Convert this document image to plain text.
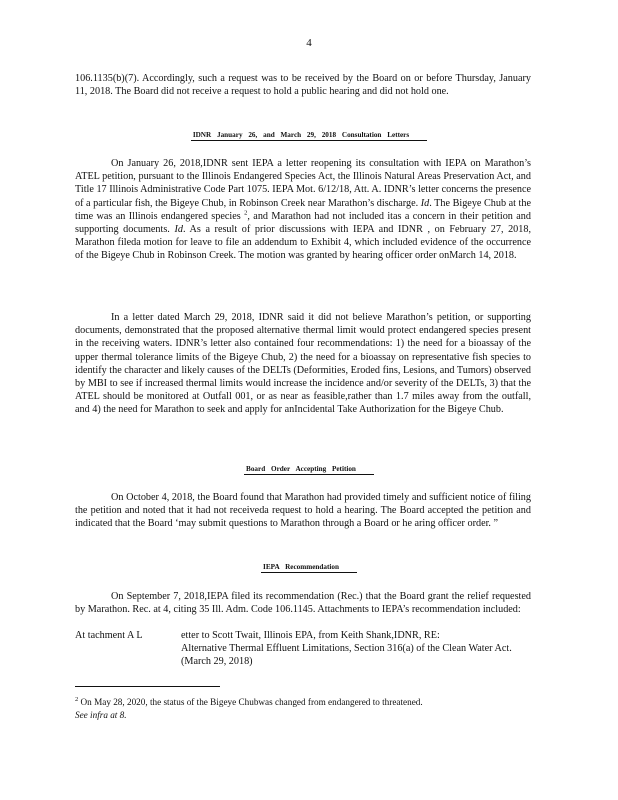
4

106.1135(b)(7). Accordingly, such a request was to be received by the Board on or before Thursday, January 11, 2018. The Board did not receive a request to hold a public hearing and did not hold one.

IDNR January 26, and March 29, 2018 Consultation Letters

On January 26, 2018,IDNR sent IEPA a letter reopening its consultation with IEPA on Marathon’s ATEL petition, pursuant to the Illinois Endangered Species Act, the Illinois Natural Areas Preservation Act, and Title 17 Illinois Administrative Code Part 1075. IEPA Mot. 6/12/18, Att. A. IDNR’s letter concerns the presence of a particular fish, the Bigeye Chub, in Robinson Creek near Marathon’s discharge. Id. The Bigeye Chub at the time was an Illinois endangered species $^2$, and Marathon had not included itas a concern in their petition and supporting documents. Id. As a result of prior discussions with IEPA and IDNR , on February 27, 2018, Marathon fileda motion for leave to file an addendum to Exhibit 4, which included evidence of the occurrence of the Bigeye Chub in Robinson Creek. The motion was granted by hearing officer order onMarch 14, 2018.

In a letter dated March 29, 2018, IDNR said it did not believe Marathon’s petition, or supporting documents, demonstrated that the proposed alternative thermal limit would protect endangered species present in the receiving waters. IDNR’s letter also contained four recommendations: 1) the need for a bioassay of the upper thermal tolerance limits of the Bigeye Chub, 2) the need for a bioassay on representative fish species to identify the character and likely causes of the DELTs (Deformities, Eroded fins, Lesions, and Tumors) observed by MBI to see if increased thermal limits would increase the incidence and/or severity of the DELTs, 3) that the ATEL should be monitored at Outfall 001, or as near as feasible,rather than 1.7 miles away from the outfall, and 4) the need for Marathon to seek and apply for anIncidental Take Authorization for the Bigeye Chub.

Board Order Accepting Petition

On October 4, 2018, the Board found that Marathon had provided timely and sufficient notice of filing the petition and noted that it had not receiveda request to hold a hearing. The Board accepted the petition and indicated that the Board ‘may submit questions to Marathon through a Board or he aring officer order. ”

IEPA Recommendation

On September 7, 2018,IEPA filed its recommendation (Rec.) that the Board grant the relief requested by Marathon. Rec. at 4, citing 35 Ill. Adm. Code 106.1145. Attachments to IEPA’s recommendation included:

At tachment A L	etter to Scott Twait, Illinois EPA, from Keith Shank,IDNR, RE:

Alternative Thermal Effluent Limitations, Section 316(a) of the Clean Water Act. (March 29, 2018)

$^2$ On May 28, 2020, the status of the Bigeye Chubwas changed from endangered to threatened.
See infra at 8.
